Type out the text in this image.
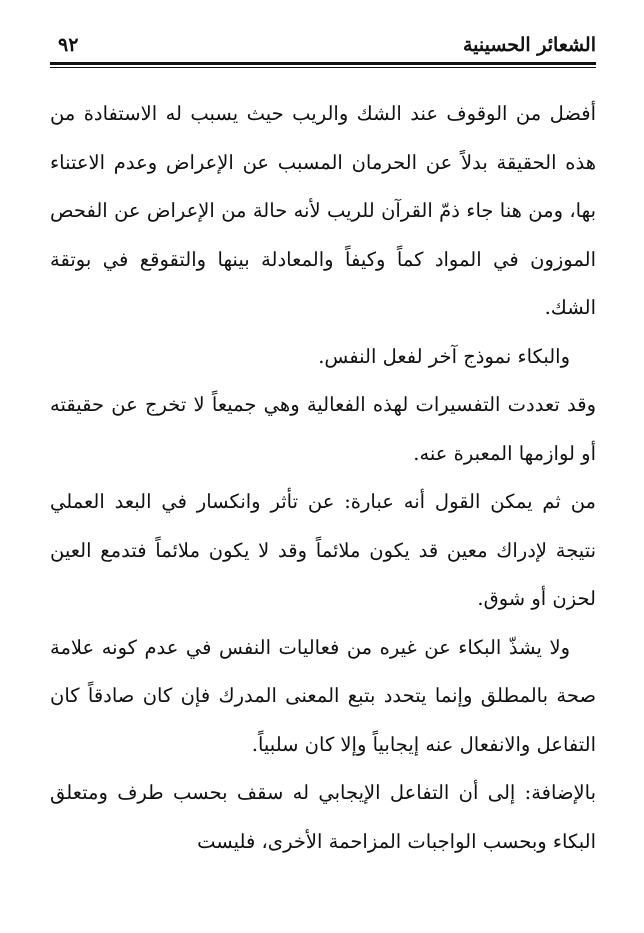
الشعائر الحسينية
٩٢

أفضل من الوقوف عند الشك والريب حيث يسبب له الاستفادة من هذه الحقيقة بدلاً عن الحرمان المسبب عن الإعراض وعدم الاعتناء بها، ومن هنا جاء ذمّ القرآن للريب لأنه حالة من الإعراض عن الفحص الموزون في المواد كماً وكيفاً والمعادلة بينها والتقوقع في بوتقة الشك.

والبكاء نموذج آخر لفعل النفس.

وقد تعددت التفسيرات لهذه الفعالية وهي جميعاً لا تخرج عن حقيقته أو لوازمها المعبرة عنه.

من ثم يمكن القول أنه عبارة: عن تأثر وانكسار في البعد العملي نتيجة لإدراك معين قد يكون ملائماً وقد لا يكون ملائماً فتدمع العين لحزن أو شوق.

ولا يشذّ البكاء عن غيره من فعاليات النفس في عدم كونه علامة صحة بالمطلق وإنما يتحدد بتبع المعنى المدرك فإن كان صادقاً كان التفاعل والانفعال عنه إيجابياً وإلا كان سلبياً.

بالإضافة: إلى أن التفاعل الإيجابي له سقف بحسب طرف ومتعلق البكاء وبحسب الواجبات المزاحمة الأخرى، فليست
